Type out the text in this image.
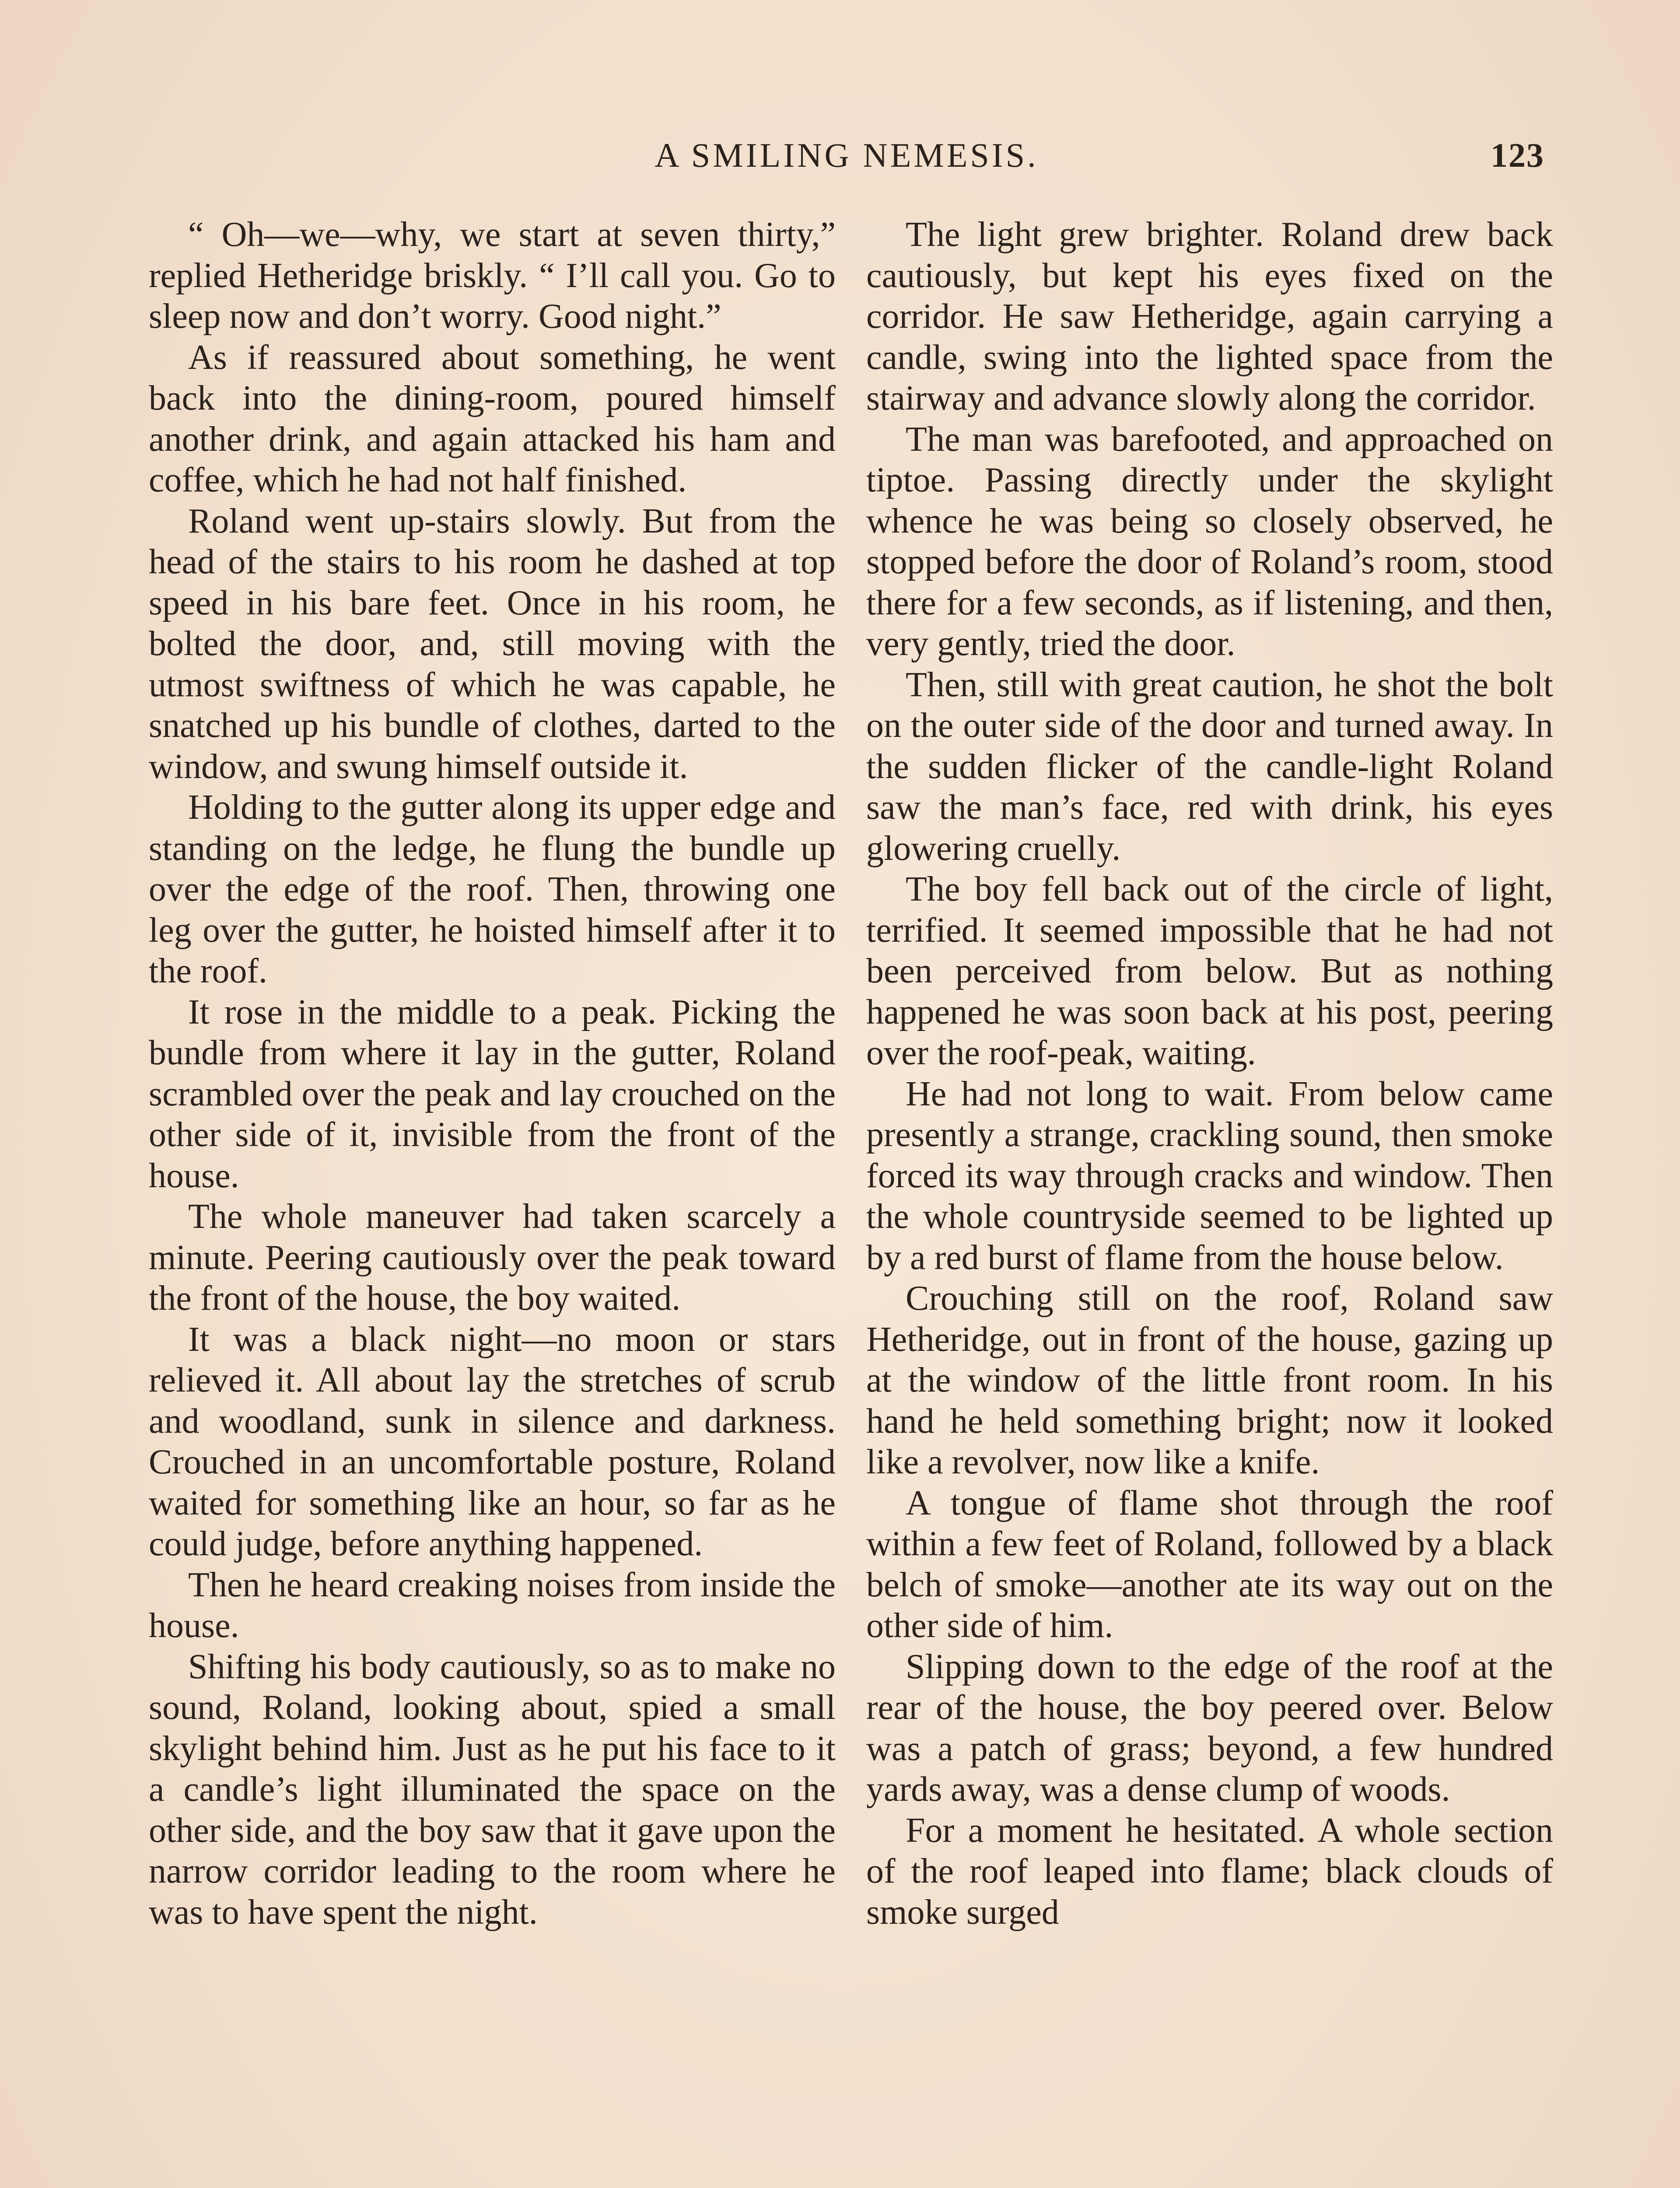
A SMILING NEMESIS.	123

“ Oh—we—why, we start at seven thirty,” replied Hetheridge briskly. “ I’ll call you. Go to sleep now and don’t worry. Good night.”

As if reassured about something, he went back into the dining-room, poured himself another drink, and again attacked his ham and coffee, which he had not half finished.

Roland went up-stairs slowly. But from the head of the stairs to his room he dashed at top speed in his bare feet. Once in his room, he bolted the door, and, still moving with the utmost swiftness of which he was capable, he snatched up his bundle of clothes, darted to the window, and swung himself outside it.

Holding to the gutter along its upper edge and standing on the ledge, he flung the bundle up over the edge of the roof. Then, throwing one leg over the gutter, he hoisted himself after it to the roof.

It rose in the middle to a peak. Picking the bundle from where it lay in the gutter, Roland scrambled over the peak and lay crouched on the other side of it, invisible from the front of the house.

The whole maneuver had taken scarcely a minute. Peering cautiously over the peak toward the front of the house, the boy waited.

It was a black night—no moon or stars relieved it. All about lay the stretches of scrub and woodland, sunk in silence and darkness. Crouched in an uncomfortable posture, Roland waited for something like an hour, so far as he could judge, before anything happened.

Then he heard creaking noises from inside the house.

Shifting his body cautiously, so as to make no sound, Roland, looking about, spied a small skylight behind him. Just as he put his face to it a candle’s light illuminated the space on the other side, and the boy saw that it gave upon the narrow corridor leading to the room where he was to have spent the night.

The light grew brighter. Roland drew back cautiously, but kept his eyes fixed on the corridor. He saw Hetheridge, again carrying a candle, swing into the lighted space from the stairway and advance slowly along the corridor.

The man was barefooted, and approached on tiptoe. Passing directly under the skylight whence he was being so closely observed, he stopped before the door of Roland’s room, stood there for a few seconds, as if listening, and then, very gently, tried the door.

Then, still with great caution, he shot the bolt on the outer side of the door and turned away. In the sudden flicker of the candle-light Roland saw the man’s face, red with drink, his eyes glowering cruelly.

The boy fell back out of the circle of light, terrified. It seemed impossible that he had not been perceived from below. But as nothing happened he was soon back at his post, peering over the roof-peak, waiting.

He had not long to wait. From below came presently a strange, crackling sound, then smoke forced its way through cracks and window. Then the whole countryside seemed to be lighted up by a red burst of flame from the house below.

Crouching still on the roof, Roland saw Hetheridge, out in front of the house, gazing up at the window of the little front room. In his hand he held something bright; now it looked like a revolver, now like a knife.

A tongue of flame shot through the roof within a few feet of Roland, followed by a black belch of smoke—another ate its way out on the other side of him.

Slipping down to the edge of the roof at the rear of the house, the boy peered over. Below was a patch of grass; beyond, a few hundred yards away, was a dense clump of woods.

For a moment he hesitated. A whole section of the roof leaped into flame; black clouds of smoke surged
